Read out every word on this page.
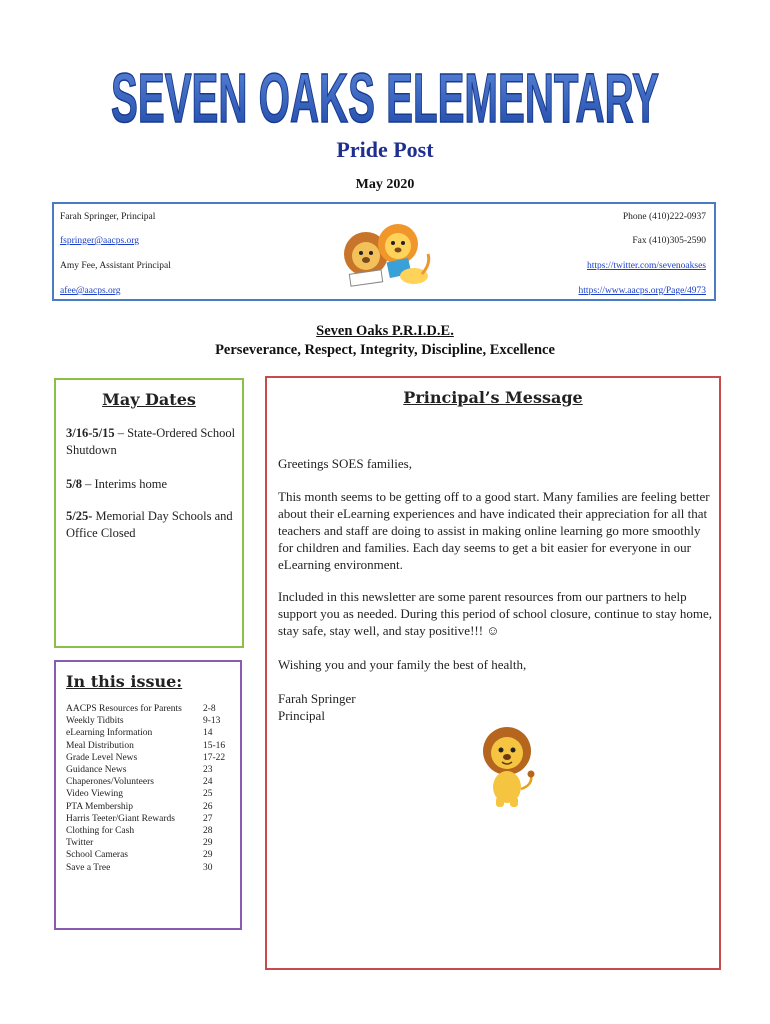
SEVEN OAKS ELEMENTARY
Pride Post
May 2020
Farah Springer, Principal
fspringer@aacps.org
Amy Fee, Assistant Principal
afee@aacps.org
Phone (410)222-0937
Fax (410)305-2590
https://twitter.com/sevenoakses
https://www.aacps.org/Page/4973
Seven Oaks P.R.I.D.E.
Perseverance, Respect, Integrity, Discipline, Excellence
May Dates
3/16-5/15 – State-Ordered School Shutdown
5/8 – Interims home
5/25- Memorial Day Schools and Office Closed
In this issue:
AACPS Resources for Parents	2-8
Weekly Tidbits	9-13
eLearning Information	14
Meal Distribution	15-16
Grade Level News	17-22
Guidance News	23
Chaperones/Volunteers	24
Video Viewing	25
PTA Membership	26
Harris Teeter/Giant Rewards	27
Clothing for Cash	28
Twitter	29
School Cameras	29
Save a Tree	30
Principal’s Message
Greetings SOES families,
This month seems to be getting off to a good start. Many families are feeling better about their eLearning experiences and have indicated their appreciation for all that teachers and staff are doing to assist in making online learning go more smoothly for children and families. Each day seems to get a bit easier for everyone in our eLearning environment.
Included in this newsletter are some parent resources from our partners to help support you as needed. During this period of school closure, continue to stay home, stay safe, stay well, and stay positive!!! ☺
Wishing you and your family the best of health,
Farah Springer
Principal
